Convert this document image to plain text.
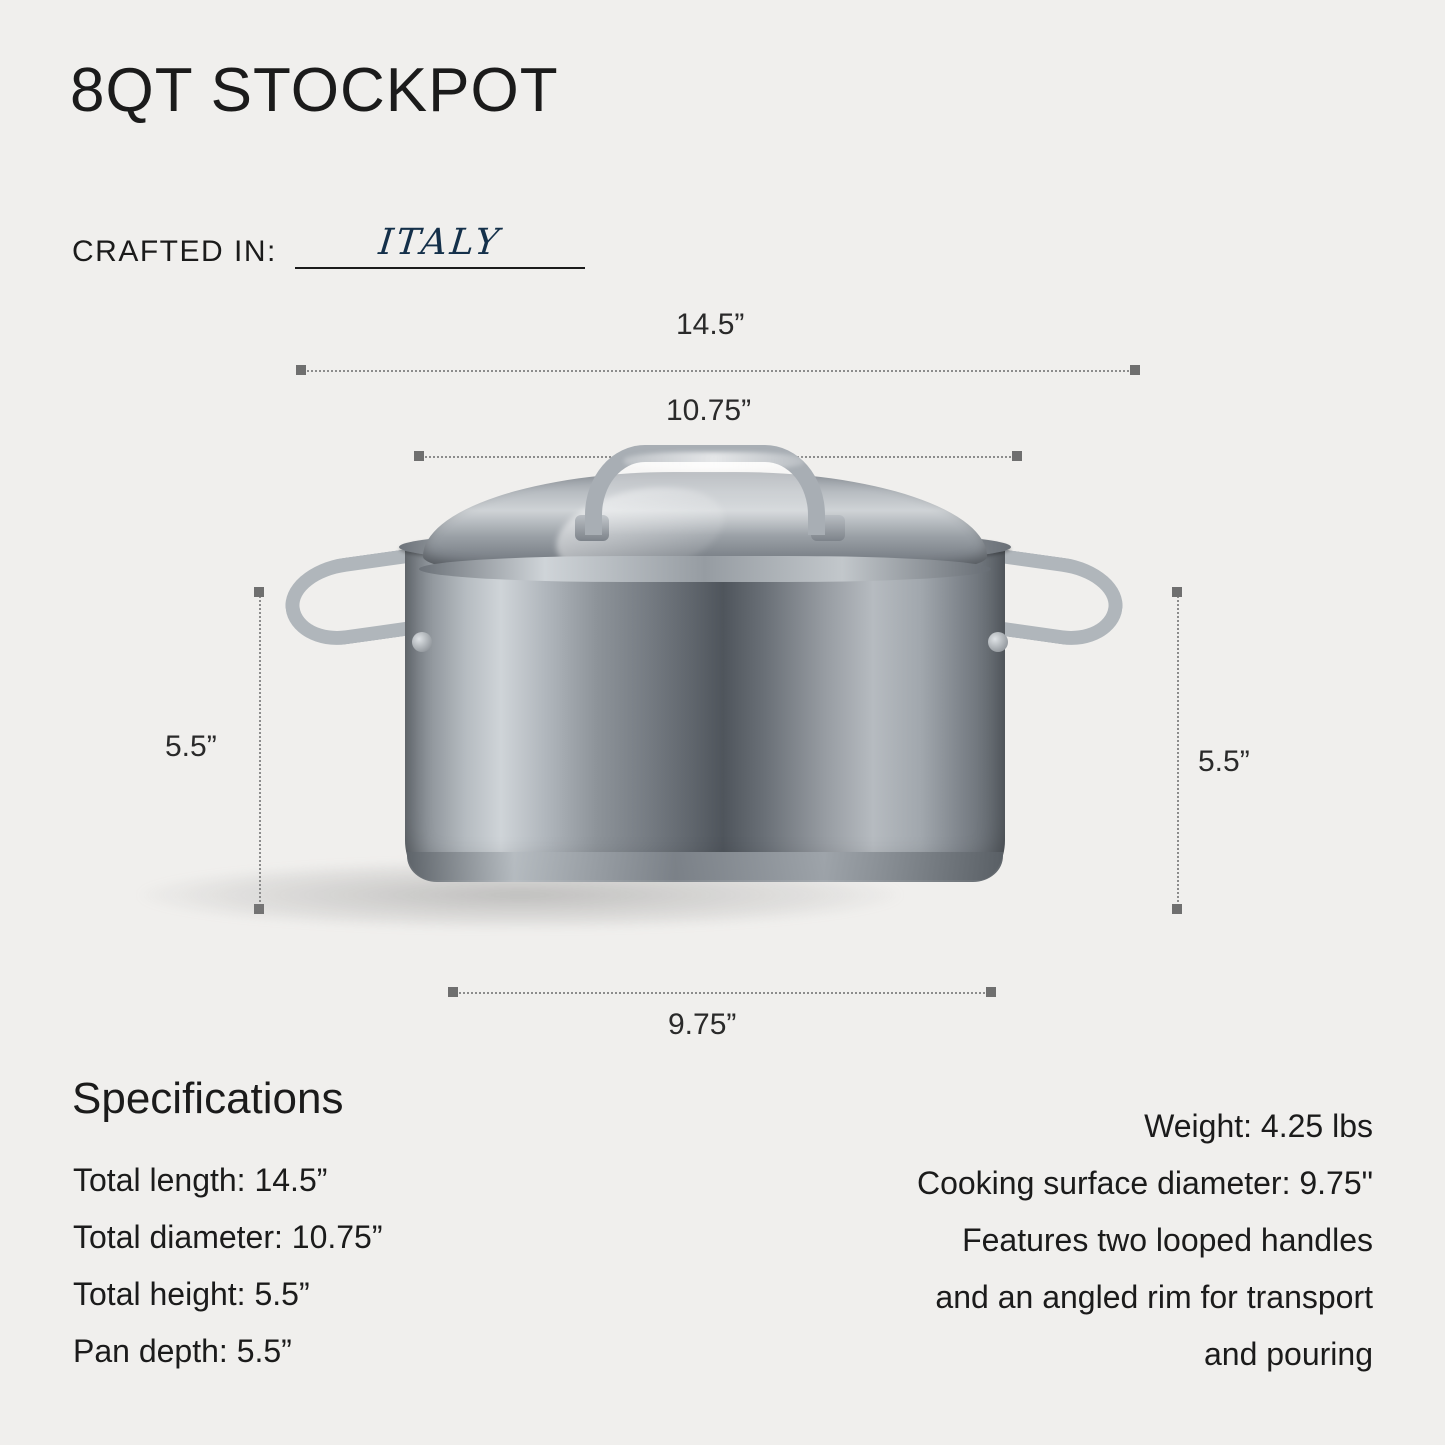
8QT STOCKPOT
CRAFTED IN:	ITALY
14.5”
10.75”
5.5”	5.5”
9.75”
Specifications
Total length: 14.5”
Total diameter: 10.75”
Total height: 5.5”
Pan depth: 5.5”
Weight: 4.25 lbs
Cooking surface diameter: 9.75"
Features two looped handles
and an angled rim for transport
and pouring
